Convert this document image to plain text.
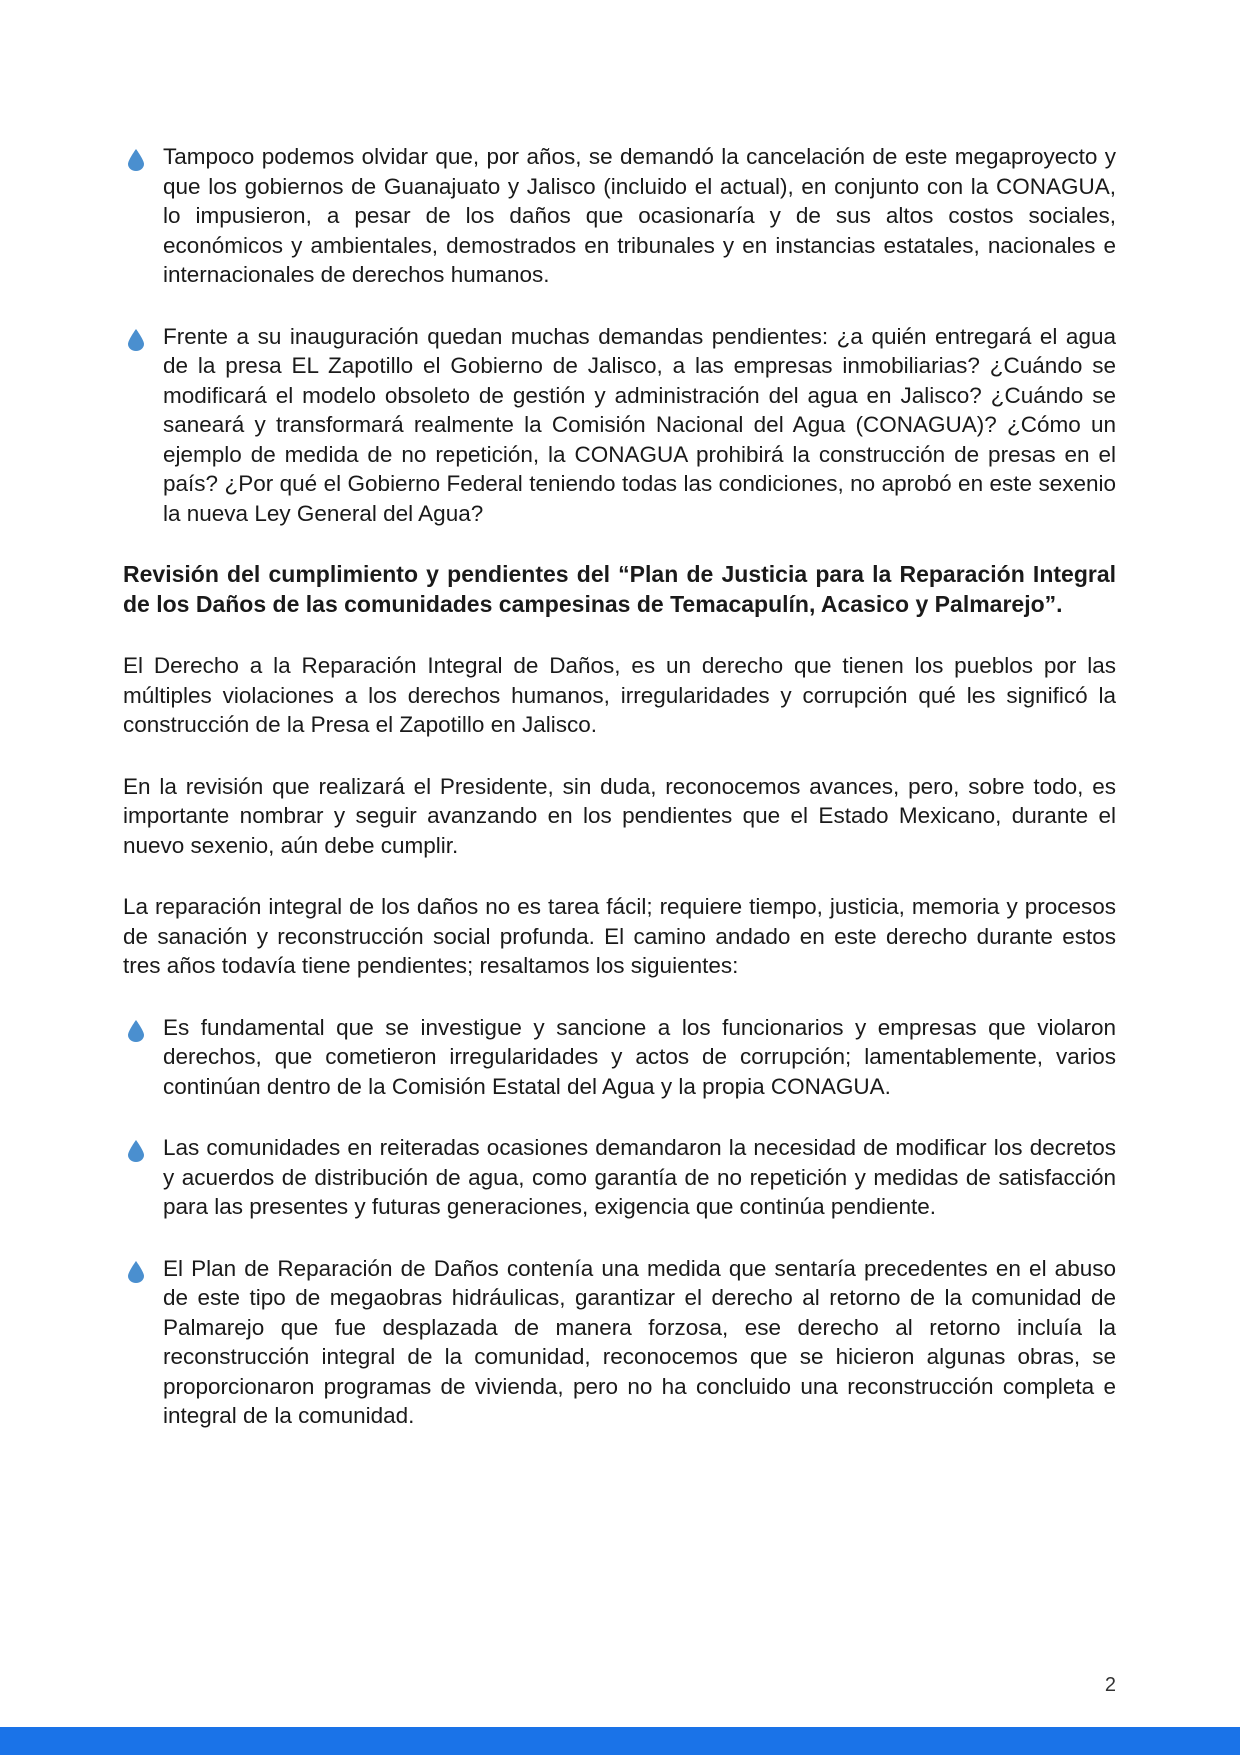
Tampoco podemos olvidar que, por años, se demandó la cancelación de este megaproyecto y que los gobiernos de Guanajuato y Jalisco (incluido el actual), en conjunto con la CONAGUA, lo impusieron, a pesar de los daños que ocasionaría y de sus altos costos sociales, económicos y ambientales, demostrados en tribunales y en instancias estatales, nacionales e internacionales de derechos humanos.
Frente a su inauguración quedan muchas demandas pendientes: ¿a quién entregará el agua de la presa EL Zapotillo el Gobierno de Jalisco, a las empresas inmobiliarias? ¿Cuándo se modificará el modelo obsoleto de gestión y administración del agua en Jalisco? ¿Cuándo se saneará y transformará realmente la Comisión Nacional del Agua (CONAGUA)? ¿Cómo un ejemplo de medida de no repetición, la CONAGUA prohibirá la construcción de presas en el país? ¿Por qué el Gobierno Federal teniendo todas las condiciones, no aprobó en este sexenio la nueva Ley General del Agua?
Revisión del cumplimiento y pendientes del “Plan de Justicia para la Reparación Integral de los Daños de las comunidades campesinas de Temacapulín, Acasico y Palmarejo”.
El Derecho a la Reparación Integral de Daños, es un derecho que tienen los pueblos por las múltiples violaciones a los derechos humanos, irregularidades y corrupción qué les significó la construcción de la Presa el Zapotillo en Jalisco.
En la revisión que realizará el Presidente, sin duda, reconocemos avances, pero, sobre todo, es importante nombrar y seguir avanzando en los pendientes que el Estado Mexicano, durante el nuevo sexenio, aún debe cumplir.
La reparación integral de los daños no es tarea fácil; requiere tiempo, justicia, memoria y procesos de sanación y reconstrucción social profunda. El camino andado en este derecho durante estos tres años todavía tiene pendientes; resaltamos los siguientes:
Es fundamental que se investigue y sancione a los funcionarios y empresas que violaron derechos, que cometieron irregularidades y actos de corrupción; lamentablemente, varios continúan dentro de la Comisión Estatal del Agua y la propia CONAGUA.
Las comunidades en reiteradas ocasiones demandaron la necesidad de modificar los decretos y acuerdos de distribución de agua, como garantía de no repetición y medidas de satisfacción para las presentes y futuras generaciones, exigencia que continúa pendiente.
El Plan de Reparación de Daños contenía una medida que sentaría precedentes en el abuso de este tipo de megaobras hidráulicas, garantizar el derecho al retorno de la comunidad de Palmarejo que fue desplazada de manera forzosa, ese derecho al retorno incluía la reconstrucción integral de la comunidad, reconocemos que se hicieron algunas obras, se proporcionaron programas de vivienda, pero no ha concluido una reconstrucción completa e integral de la comunidad.
2
